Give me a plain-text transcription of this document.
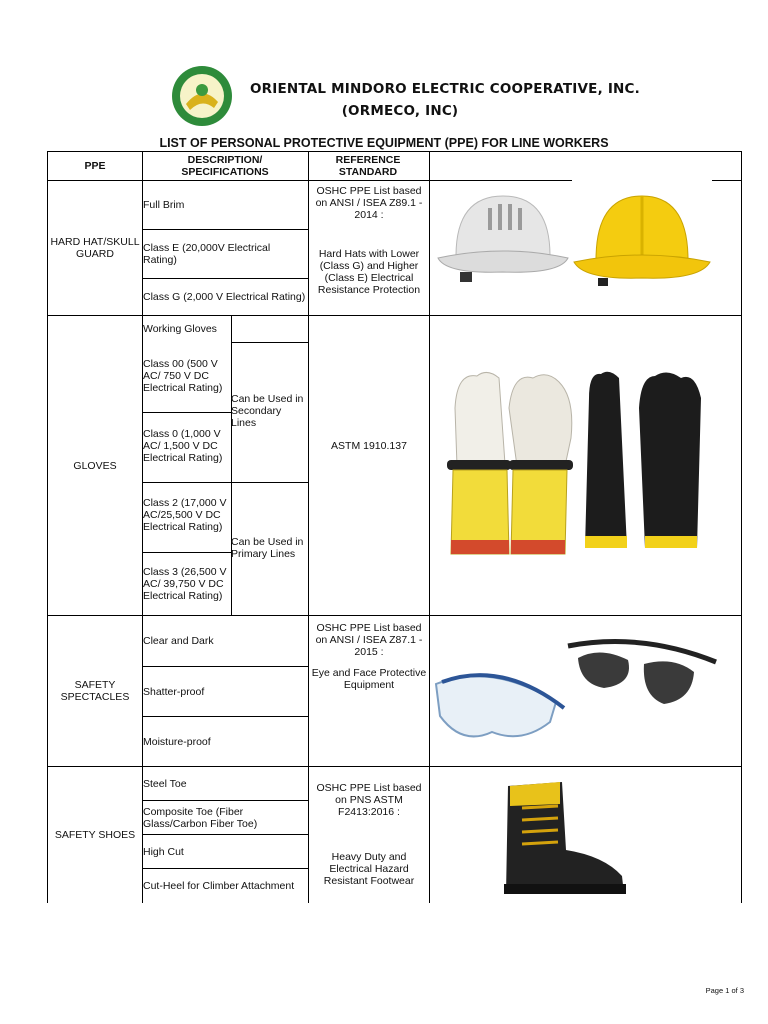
ORIENTAL MINDORO ELECTRIC COOPERATIVE, INC.
(ORMECO, INC)
LIST OF PERSONAL PROTECTIVE EQUIPMENT (PPE) FOR LINE WORKERS
PPE	DESCRIPTION/ SPECIFICATIONS
REFERENCE STANDARD
HARD HAT/SKULL GUARD
Full Brim
Class E (20,000V Electrical Rating)
Class G (2,000 V Electrical Rating)
OSHC PPE List based on ANSI / ISEA Z89.1 - 2014 :
Hard Hats with Lower (Class G) and Higher (Class E) Electrical Resistance Protection
GLOVES
Working Gloves
Class 00 (500 V AC/ 750 V DC Electrical Rating)
Class 0 (1,000 V AC/ 1,500 V DC Electrical Rating)
Class 2 (17,000 V AC/25,500 V DC Electrical Rating)
Class 3 (26,500 V AC/ 39,750 V DC Electrical Rating)
Can be Used in Secondary Lines
Can be Used in Primary Lines
ASTM 1910.137
SAFETY SPECTACLES
Clear and Dark
Shatter-proof
Moisture-proof
OSHC PPE List based on ANSI / ISEA Z87.1 - 2015 :
Eye and Face Protective Equipment
SAFETY SHOES
Steel Toe
Composite Toe (Fiber Glass/Carbon Fiber Toe)
High Cut
Cut-Heel for Climber Attachment
OSHC PPE List based on PNS ASTM F2413:2016 :
Heavy Duty and Electrical Hazard Resistant Footwear
Page 1 of 3
